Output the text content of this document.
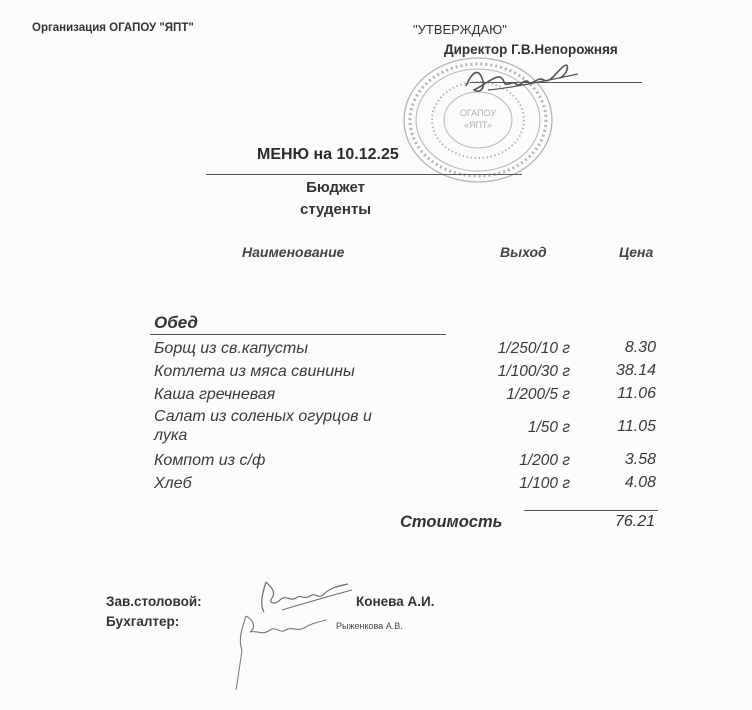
Организация ОГАПОУ "ЯПТ"	"УТВЕРЖДАЮ"
Директор Г.В.Непорожняя
ОГАПОУ
«ЯПТ»
МЕНЮ на 10.12.25
Бюджет
студенты
Наименование	Выход	Цена
Обед
Борщ из св.капусты	1/250/10 г	8.30
Котлета из мяса свинины	1/100/30 г	38.14
Каша гречневая	1/200/5 г	11.06
Салат из соленых огурцов и
лука	1/50 г	11.05
Компот из с/ф	1/200 г	3.58
Хлеб	1/100 г	4.08
Стоимость	76.21
Зав.столовой:	Конева А.И.
Бухгалтер:	Рыженкова А.В.
